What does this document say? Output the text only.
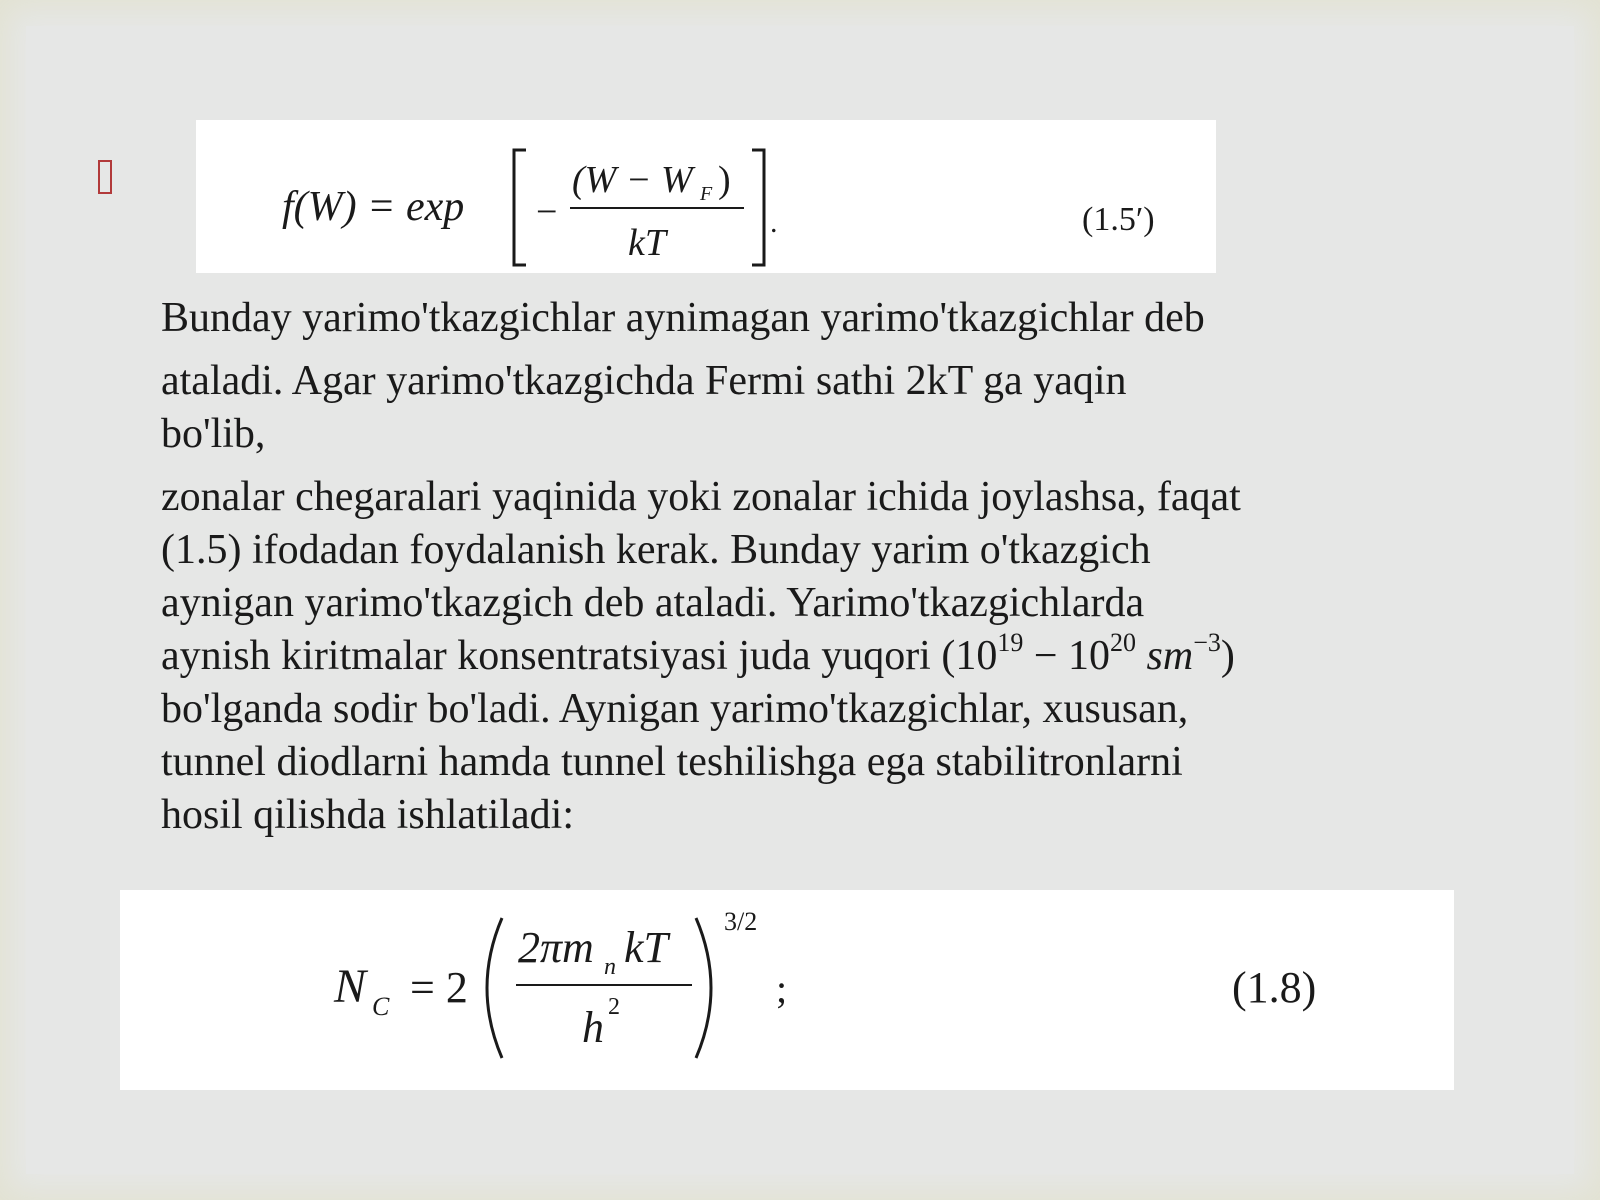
f(W) = exp −
(W − W F )
kT	.	(1.5′)

Bunday yarimo'tkazgichlar aynimagan yarimo'tkazgichlar deb

ataladi. Agar yarimo'tkazgichda Fermi sathi 2kT ga yaqin

bo'lib,

zonalar chegaralari yaqinida yoki zonalar ichida joylashsa, faqat

(1.5) ifodadan foydalanish kerak. Bunday yarim o'tkazgich

aynigan yarimo'tkazgich deb ataladi. Yarimo'tkazgichlarda

aynish kiritmalar konsentratsiyasi juda yuqori ($10^{19} - 10^{20}$ $sm^{-3}$)

bo'lganda sodir bo'ladi. Aynigan yarimo'tkazgichlar, xususan,

tunnel diodlarni hamda tunnel teshilishga ega stabilitronlarni

hosil qilishda ishlatiladi:

N C = 2
2πm n kT
h 2
3/2
;	(1.8)
